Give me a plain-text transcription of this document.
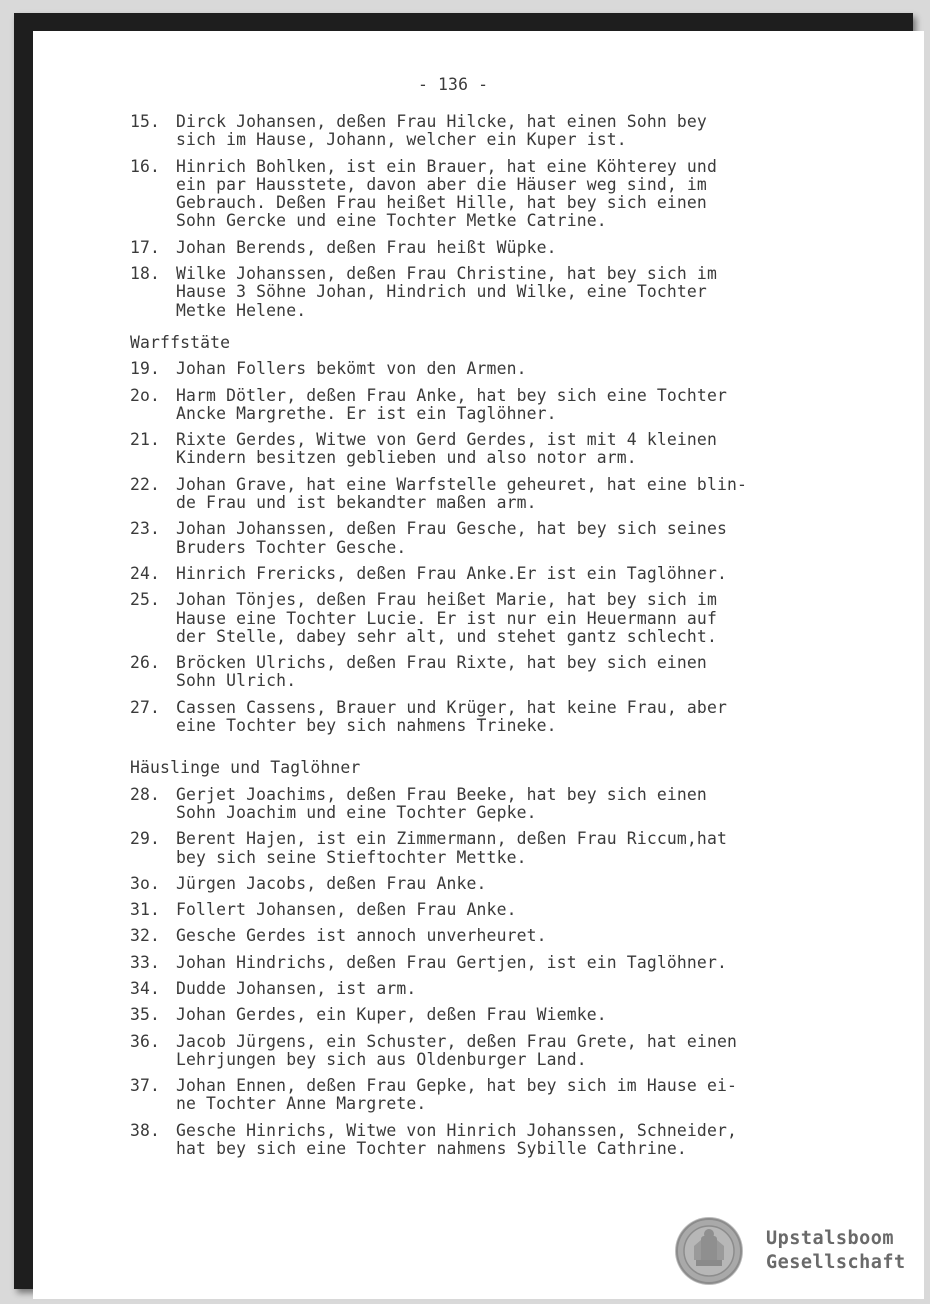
- 136 -
15. Dirck Johansen, deßen Frau Hilcke, hat einen Sohn bey
sich im Hause, Johann, welcher ein Kuper ist.
16. Hinrich Bohlken, ist ein Brauer, hat eine Köhterey und
ein par Hausstete, davon aber die Häuser weg sind, im
Gebrauch. Deßen Frau heißet Hille, hat bey sich einen
Sohn Gercke und eine Tochter Metke Catrine.
17. Johan Berends, deßen Frau heißt Wüpke.
18. Wilke Johanssen, deßen Frau Christine, hat bey sich im
Hause 3 Söhne Johan, Hindrich und Wilke, eine Tochter
Metke Helene.
Warffstäte
19. Johan Follers bekömt von den Armen.
2o. Harm Dötler, deßen Frau Anke, hat bey sich eine Tochter
Ancke Margrethe. Er ist ein Taglöhner.
21. Rixte Gerdes, Witwe von Gerd Gerdes, ist mit 4 kleinen
Kindern besitzen geblieben und also notor arm.
22. Johan Grave, hat eine Warfstelle geheuret, hat eine blin-
de Frau und ist bekandter maßen arm.
23. Johan Johanssen, deßen Frau Gesche, hat bey sich seines
Bruders Tochter Gesche.
24. Hinrich Frericks, deßen Frau Anke.Er ist ein Taglöhner.
25. Johan Tönjes, deßen Frau heißet Marie, hat bey sich im
Hause eine Tochter Lucie. Er ist nur ein Heuermann auf
der Stelle, dabey sehr alt, und stehet gantz schlecht.
26. Bröcken Ulrichs, deßen Frau Rixte, hat bey sich einen
Sohn Ulrich.
27. Cassen Cassens, Brauer und Krüger, hat keine Frau, aber
eine Tochter bey sich nahmens Trineke.
Häuslinge und Taglöhner
28. Gerjet Joachims, deßen Frau Beeke, hat bey sich einen
Sohn Joachim und eine Tochter Gepke.
29. Berent Hajen, ist ein Zimmermann, deßen Frau Riccum,hat
bey sich seine Stieftochter Mettke.
3o. Jürgen Jacobs, deßen Frau Anke.
31. Follert Johansen, deßen Frau Anke.
32. Gesche Gerdes ist annoch unverheuret.
33. Johan Hindrichs, deßen Frau Gertjen, ist ein Taglöhner.
34. Dudde Johansen, ist arm.
35. Johan Gerdes, ein Kuper, deßen Frau Wiemke.
36. Jacob Jürgens, ein Schuster, deßen Frau Grete, hat einen
Lehrjungen bey sich aus Oldenburger Land.
37. Johan Ennen, deßen Frau Gepke, hat bey sich im Hause ei-
ne Tochter Anne Margrete.
38. Gesche Hinrichs, Witwe von Hinrich Johanssen, Schneider,
hat bey sich eine Tochter nahmens Sybille Cathrine.
Upstalsboom
Gesellschaft
